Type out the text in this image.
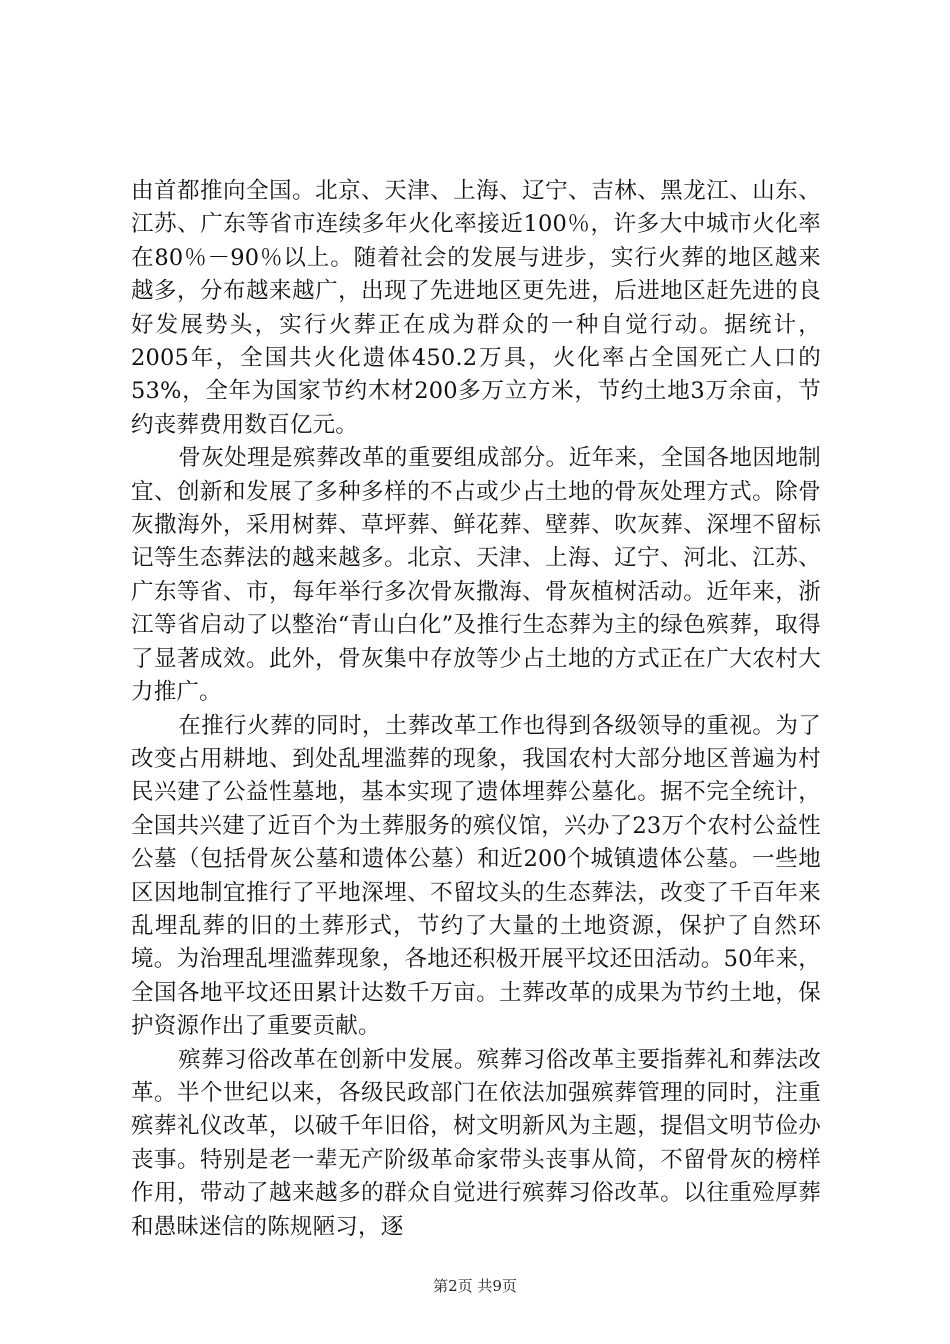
由首都推向全国。北京、天津、上海、辽宁、吉林、黑龙江、山东、江苏、广东等省市连续多年火化率接近100％，许多大中城市火化率在80％－90％以上。随着社会的发展与进步，实行火葬的地区越来越多，分布越来越广，出现了先进地区更先进，后进地区赶先进的良好发展势头，实行火葬正在成为群众的一种自觉行动。据统计，2005年，全国共火化遗体450.2万具，火化率占全国死亡人口的53%，全年为国家节约木材200多万立方米，节约土地3万余亩，节约丧葬费用数百亿元。

骨灰处理是殡葬改革的重要组成部分。近年来，全国各地因地制宜、创新和发展了多种多样的不占或少占土地的骨灰处理方式。除骨灰撒海外，采用树葬、草坪葬、鲜花葬、壁葬、吹灰葬、深埋不留标记等生态葬法的越来越多。北京、天津、上海、辽宁、河北、江苏、广东等省、市，每年举行多次骨灰撒海、骨灰植树活动。近年来，浙江等省启动了以整治“青山白化”及推行生态葬为主的绿色殡葬，取得了显著成效。此外，骨灰集中存放等少占土地的方式正在广大农村大力推广。

在推行火葬的同时，土葬改革工作也得到各级领导的重视。为了改变占用耕地、到处乱埋滥葬的现象，我国农村大部分地区普遍为村民兴建了公益性墓地，基本实现了遗体埋葬公墓化。据不完全统计，全国共兴建了近百个为土葬服务的殡仪馆，兴办了23万个农村公益性公墓（包括骨灰公墓和遗体公墓）和近200个城镇遗体公墓。一些地区因地制宜推行了平地深埋、不留坟头的生态葬法，改变了千百年来乱埋乱葬的旧的土葬形式，节约了大量的土地资源，保护了自然环境。为治理乱埋滥葬现象，各地还积极开展平坟还田活动。50年来，全国各地平坟还田累计达数千万亩。土葬改革的成果为节约土地，保护资源作出了重要贡献。

殡葬习俗改革在创新中发展。殡葬习俗改革主要指葬礼和葬法改革。半个世纪以来，各级民政部门在依法加强殡葬管理的同时，注重殡葬礼仪改革，以破千年旧俗，树文明新风为主题，提倡文明节俭办丧事。特别是老一辈无产阶级革命家带头丧事从简，不留骨灰的榜样作用，带动了越来越多的群众自觉进行殡葬习俗改革。以往重殓厚葬和愚昧迷信的陈规陋习，逐

第2页 共9页
